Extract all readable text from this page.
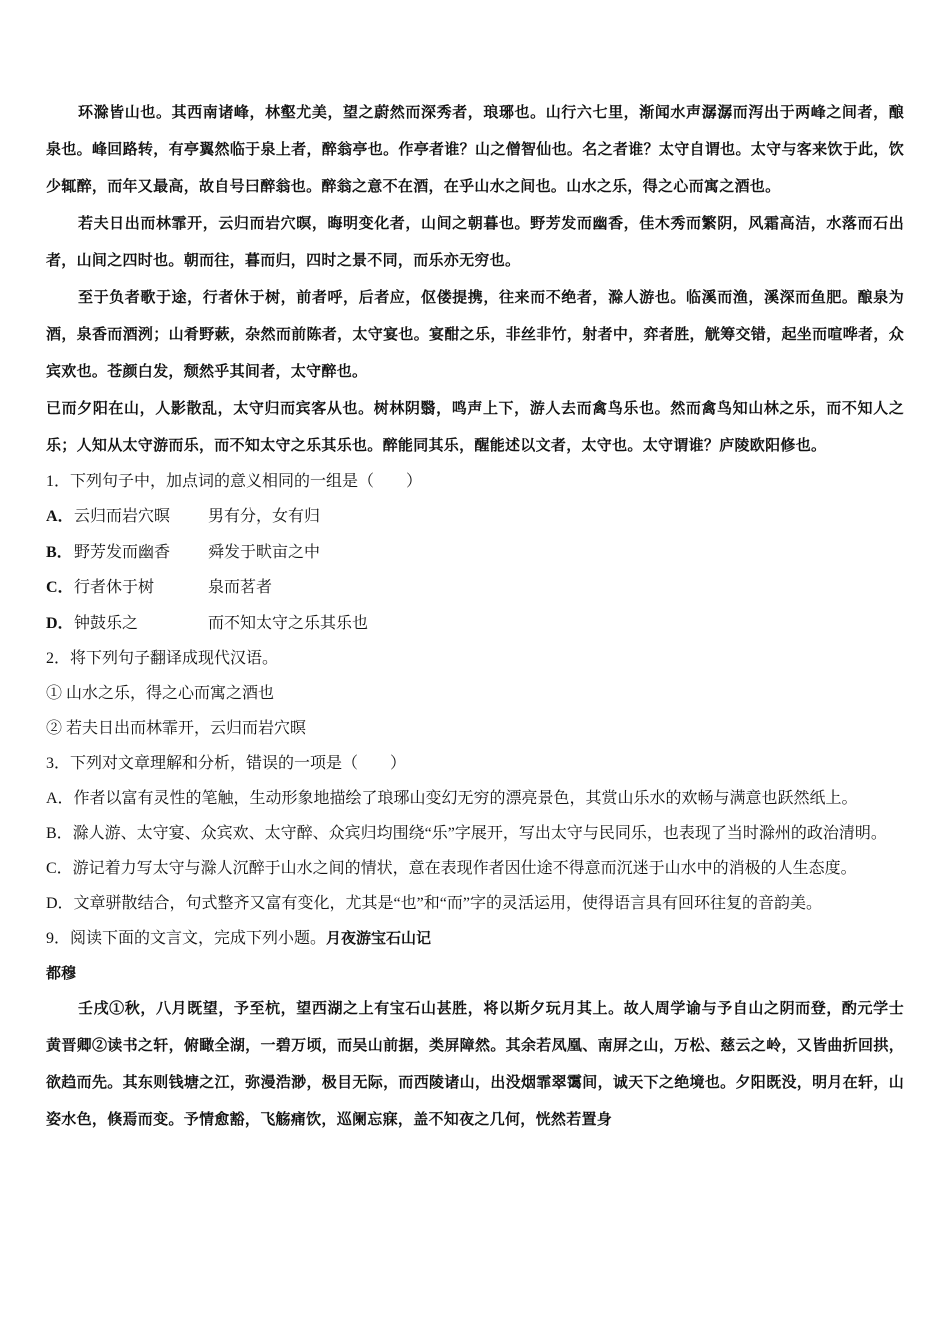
环滁皆山也。其西南诸峰，林壑尤美，望之蔚然而深秀者，琅琊也。山行六七里，渐闻水声潺潺而泻出于两峰之间者，酿泉也。峰回路转，有亭翼然临于泉上者，醉翁亭也。作亭者谁？山之僧智仙也。名之者谁？太守自谓也。太守与客来饮于此，饮少辄醉，而年又最高，故自号曰醉翁也。醉翁之意不在酒，在乎山水之间也。山水之乐，得之心而寓之酒也。

若夫日出而林霏开，云归而岩穴暝，晦明变化者，山间之朝暮也。野芳发而幽香，佳木秀而繁阴，风霜高洁，水落而石出者，山间之四时也。朝而往，暮而归，四时之景不同，而乐亦无穷也。

至于负者歌于途，行者休于树，前者呼，后者应，伛偻提携，往来而不绝者，滁人游也。临溪而渔，溪深而鱼肥。酿泉为酒，泉香而酒洌；山肴野蔌，杂然而前陈者，太守宴也。宴酣之乐，非丝非竹，射者中，弈者胜，觥筹交错，起坐而喧哗者，众宾欢也。苍颜白发，颓然乎其间者，太守醉也。

已而夕阳在山，人影散乱，太守归而宾客从也。树林阴翳，鸣声上下，游人去而禽鸟乐也。然而禽鸟知山林之乐，而不知人之乐；人知从太守游而乐，而不知太守之乐其乐也。醉能同其乐，醒能述以文者，太守也。太守谓谁？庐陵欧阳修也。

1．下列句子中，加点词的意义相同的一组是（　　）

A． 云归而岩穴暝	男有分，女有归
B． 野芳发而幽香	舜发于畎亩之中
C． 行者休于树	泉而茗者
D． 钟鼓乐之	而不知太守之乐其乐也

2．将下列句子翻译成现代汉语。

① 山水之乐，得之心而寓之酒也

② 若夫日出而林霏开，云归而岩穴暝

3．下列对文章理解和分析，错误的一项是（　　）

A．作者以富有灵性的笔触，生动形象地描绘了琅琊山变幻无穷的漂亮景色，其赏山乐水的欢畅与满意也跃然纸上。

B．滁人游、太守宴、众宾欢、太守醉、众宾归均围绕“乐”字展开，写出太守与民同乐，也表现了当时滁州的政治清明。

C．游记着力写太守与滁人沉醉于山水之间的情状，意在表现作者因仕途不得意而沉迷于山水中的消极的人生态度。

D．文章骈散结合，句式整齐又富有变化，尤其是“也”和“而”字的灵活运用，使得语言具有回环往复的音韵美。

9．阅读下面的文言文，完成下列小题。月夜游宝石山记

都穆

壬戌①秋，八月既望，予至杭，望西湖之上有宝石山甚胜，将以斯夕玩月其上。故人周学谕与予自山之阴而登，酌元学士黄晋卿②读书之轩，俯瞰全湖，一碧万顷，而吴山前据，类屏障然。其余若凤凰、南屏之山，万松、慈云之岭，又皆曲折回拱，欲趋而先。其东则钱塘之江，弥漫浩渺，极目无际，而西陵诸山，出没烟霏翠霭间，诚天下之绝境也。夕阳既没，明月在轩，山姿水色，倏焉而变。予情愈豁，飞觞痛饮，巡阑忘寐，盖不知夜之几何，恍然若置身
